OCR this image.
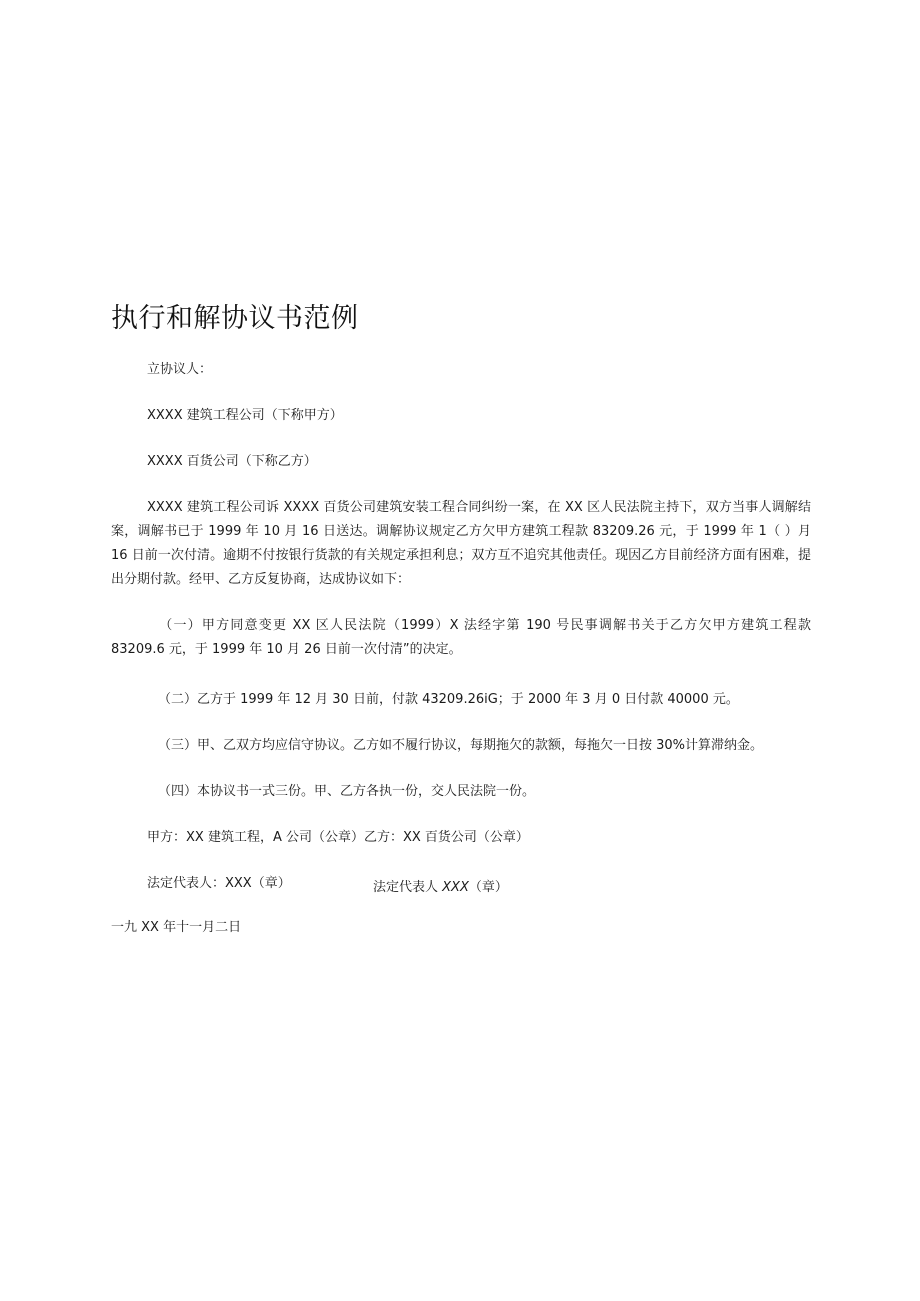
执行和解协议书范例
立协议人：
XXXX 建筑工程公司（下称甲方）
XXXX 百货公司（下称乙方）
XXXX 建筑工程公司诉 XXXX 百货公司建筑安装工程合同纠纷一案，在 XX 区人民法院主持下，双方当事人调解结案，调解书已于 1999 年 10 月 16 日送达。调解协议规定乙方欠甲方建筑工程款 83209.26 元，于 1999 年 1（ ）月 16 日前一次付清。逾期不付按银行货款的有关规定承担利息；双方互不追究其他责任。现因乙方目前经济方面有困难，提出分期付款。经甲、乙方反复协商，达成协议如下：
（一）甲方同意变更 XX 区人民法院（1999）X 法经字第 190 号民事调解书关于乙方欠甲方建筑工程款 83209.6 元，于 1999 年 10 月 26 日前一次付清”的决定。
（二）乙方于 1999 年 12 月 30 日前，付款 43209.26iG；于 2000 年 3 月 0 日付款 40000 元。
（三）甲、乙双方均应信守协议。乙方如不履行协议，每期拖欠的款额，每拖欠一日按 30%计算滞纳金。
（四）本协议书一式三份。甲、乙方各执一份，交人民法院一份。
甲方：XX 建筑工程，A 公司（公章）乙方：XX 百货公司（公章）
法定代表人：XXX（章）	法定代表人 XXX（章）
一九 XX 年十一月二日
